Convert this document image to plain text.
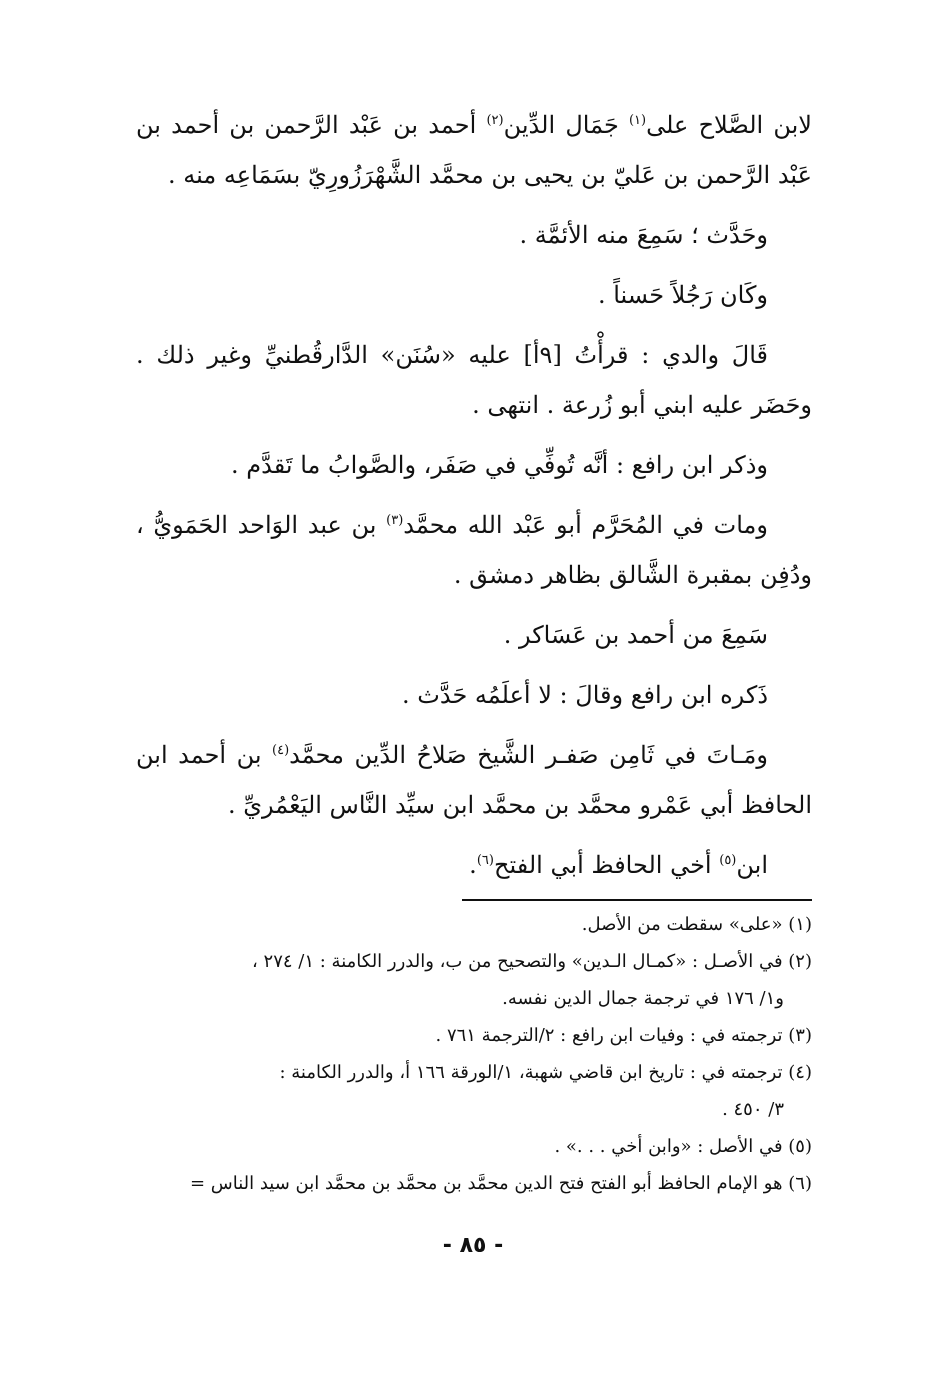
لابن الصَّلاح على$^{(١)}$ جَمَال الدِّين$^{(٢)}$ أحمد بن عَبْد الرَّحمن بن أحمد بن عَبْد الرَّحمن بن عَليّ بن يحيى بن محمَّد الشَّهْرَزُورِيّ بسَمَاعِه منه .

وحَدَّث ؛ سَمِعَ منه الأئمَّة .

وكَان رَجُلاً حَسناً .

قَالَ والدي : قرأْتُ [٩أ] عليه «سُنَن» الدَّارقُطنيِّ وغير ذلك . وحَضَر عليه ابني أبو زُرعة . انتهى .

وذكر ابن رافع : أنَّه تُوفِّي في صَفَر، والصَّوابُ ما تَقدَّم .

ومات في المُحَرَّم أبو عَبْد الله محمَّد$^{(٣)}$ بن عبد الوَاحد الحَمَويُّ ، ودُفِن بمقبرة الشَّالق بظاهر دمشق .

سَمِعَ من أحمد بن عَسَاكر .

ذَكره ابن رافع وقالَ : لا أعلَمُه حَدَّث .

ومَـاتَ في ثَامِن صَفـر الشَّيخ صَلاحُ الدِّين محمَّد$^{(٤)}$ بن أحمد ابن الحافظ أبي عَمْرو محمَّد بن محمَّد ابن سيِّد النَّاس اليَعْمُريِّ .

ابن$^{(٥)}$ أخي الحافظ أبي الفتح$^{(٦)}$.

(١) «على» سقطت من الأصل.

(٢) في الأصـل : «كمـال الـدين» والتصحيح من ب، والدرر الكامنة : ١/ ٢٧٤ ،

و١/ ١٧٦ في ترجمة جمال الدين نفسه.

(٣) ترجمته في : وفيات ابن رافع : ٢/الترجمة ٧٦١ .

(٤) ترجمته في : تاريخ ابن قاضي شهبة، ١/الورقة ١٦٦ أ، والدرر الكامنة :

٣/ ٤٥٠ .

(٥) في الأصل : «وابن أخي . . .» .

(٦) هو الإمام الحافظ أبو الفتح فتح الدين محمَّد بن محمَّد بن محمَّد ابن سيد الناس =

- ٨٥ -
